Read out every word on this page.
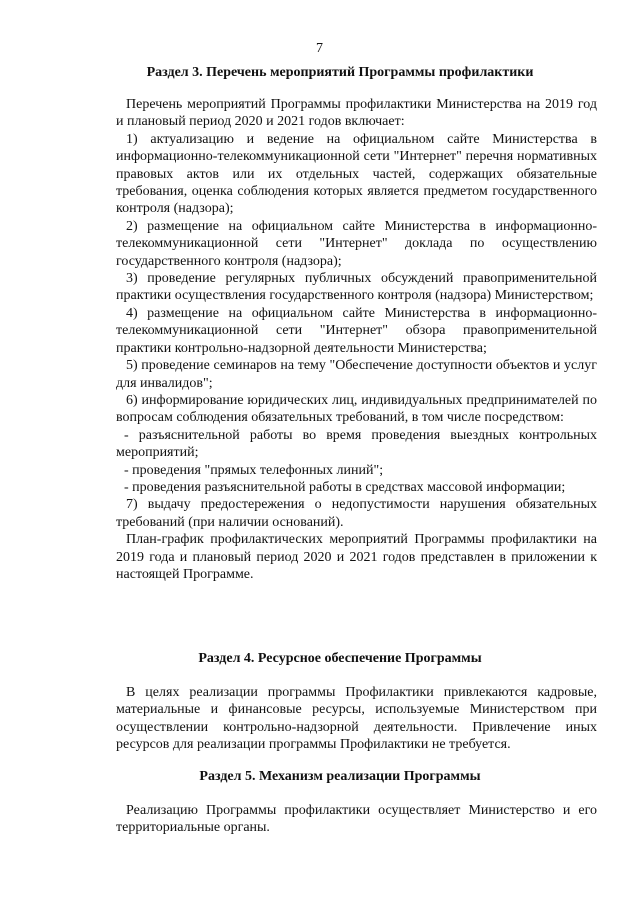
7
Раздел 3. Перечень мероприятий Программы профилактики

Перечень мероприятий Программы профилактики Министерства на 2019 год и плановый период 2020 и 2021 годов включает:

1) актуализацию и ведение на официальном сайте Министерства в информационно-телекоммуникационной сети "Интернет" перечня нормативных правовых актов или их отдельных частей, содержащих обязательные требования, оценка соблюдения которых является предметом государственного контроля (надзора);

2) размещение на официальном сайте Министерства в информационно-телекоммуникационной сети "Интернет" доклада по осуществлению государственного контроля (надзора);

3) проведение регулярных публичных обсуждений правоприменительной практики осуществления государственного контроля (надзора) Министерством;

4) размещение на официальном сайте Министерства в информационно-телекоммуникационной сети "Интернет" обзора правоприменительной практики контрольно-надзорной деятельности Министерства;

5) проведение семинаров на тему "Обеспечение доступности объектов и услуг для инвалидов";

6) информирование юридических лиц, индивидуальных предпринимателей по вопросам соблюдения обязательных требований, в том числе посредством:

- разъяснительной работы во время проведения выездных контрольных мероприятий;

- проведения "прямых телефонных линий";

- проведения разъяснительной работы в средствах массовой информации;

7) выдачу предостережения о недопустимости нарушения обязательных требований (при наличии оснований).

План-график профилактических мероприятий Программы профилактики на 2019 года и плановый период 2020 и 2021 годов представлен в приложении к настоящей Программе.

Раздел 4. Ресурсное обеспечение Программы

В целях реализации программы Профилактики привлекаются кадровые, материальные и финансовые ресурсы, используемые Министерством при осуществлении контрольно-надзорной деятельности. Привлечение иных ресурсов для реализации программы Профилактики не требуется.

Раздел 5. Механизм реализации Программы

Реализацию Программы профилактики осуществляет Министерство и его территориальные органы.
